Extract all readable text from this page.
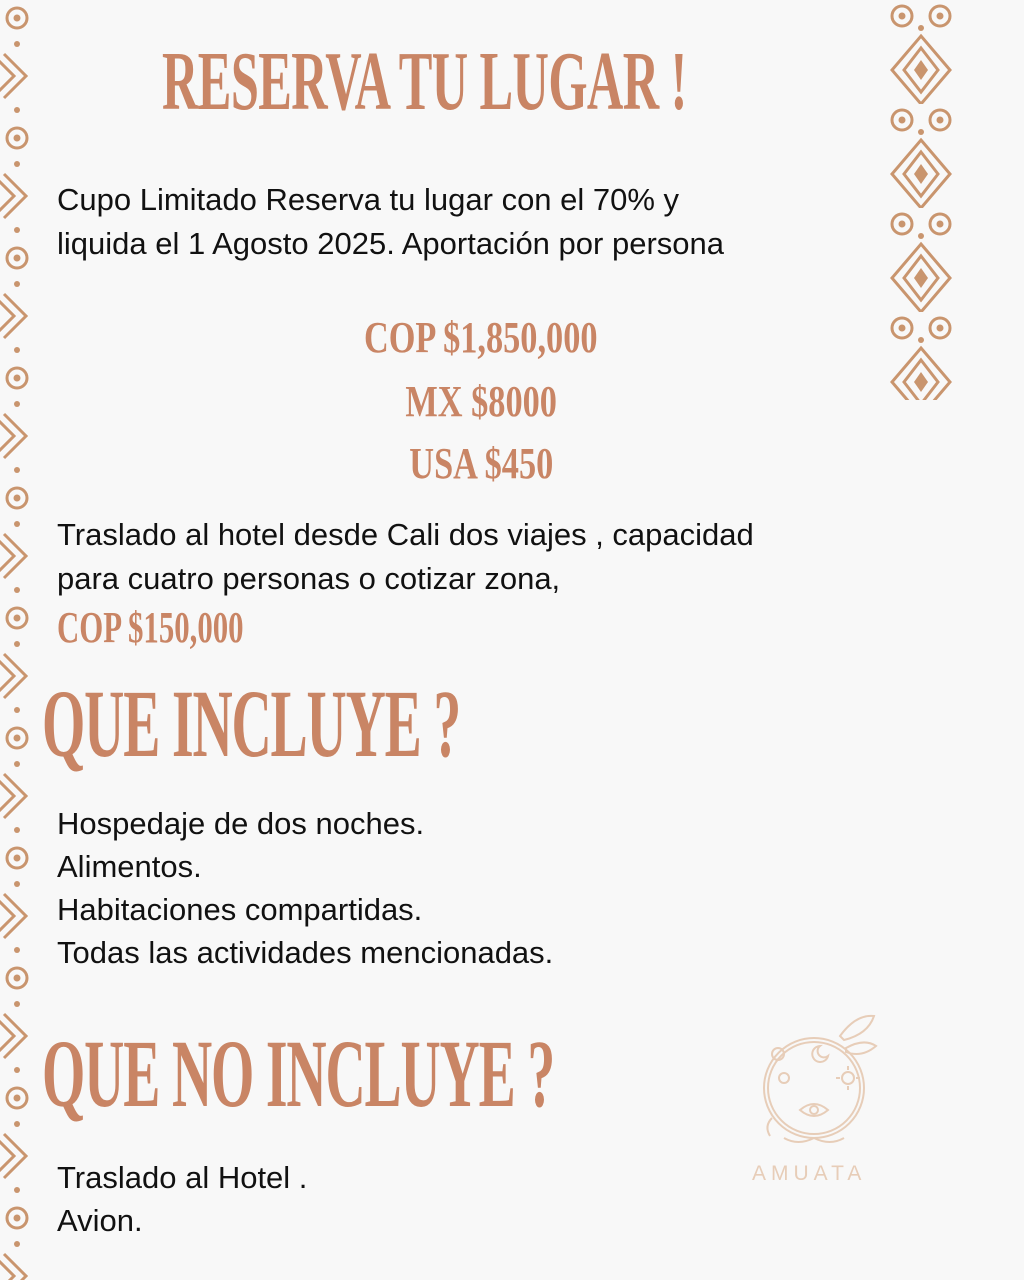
RESERVA TU LUGAR !
Cupo Limitado Reserva tu lugar con el 70% y
liquida el 1 Agosto 2025. Aportación por persona
COP $1,850,000
MX $8000
USA $450
Traslado al hotel desde Cali dos viajes , capacidad
para cuatro personas o cotizar zona,
COP $150,000
QUE INCLUYE ?
Hospedaje de dos noches.
Alimentos.
Habitaciones compartidas.
Todas las actividades mencionadas.
QUE NO INCLUYE ?
Traslado al Hotel .
Avion.
AMUATA
